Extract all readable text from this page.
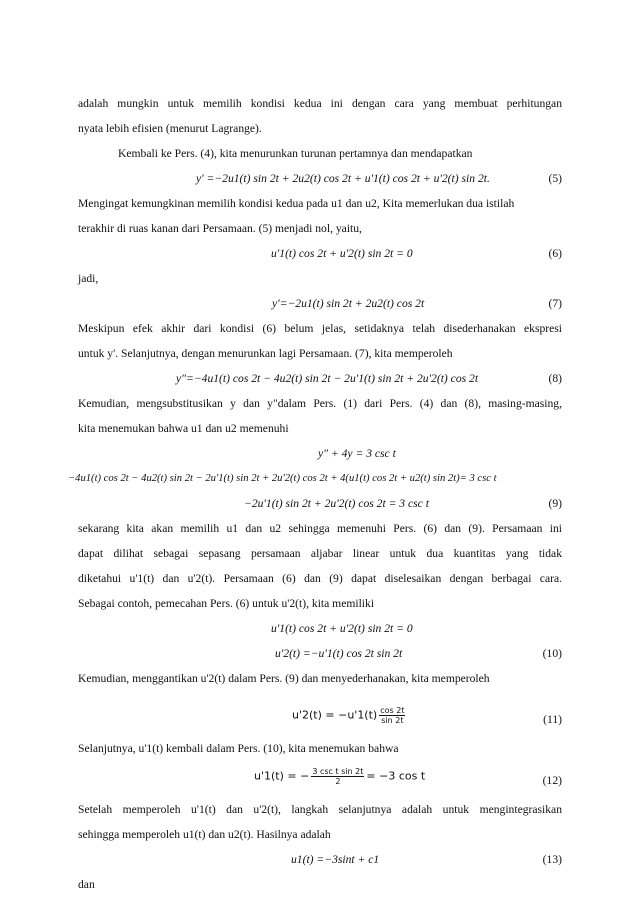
adalah mungkin untuk memilih kondisi kedua ini dengan cara yang membuat perhitungan
nyata lebih efisien (menurut Lagrange).
Kembali ke Pers. (4), kita menurunkan turunan pertamnya dan mendapatkan
y' =−2u1(t) sin 2t + 2u2(t) cos 2t + u'1(t) cos 2t + u'2(t) sin 2t.	(5)
Mengingat kemungkinan memilih kondisi kedua pada u1 dan u2, Kita memerlukan dua istilah
terakhir di ruas kanan dari Persamaan. (5) menjadi nol, yaitu,
u'1(t) cos 2t + u'2(t) sin 2t = 0	(6)
jadi,
y'=−2u1(t) sin 2t + 2u2(t) cos 2t	(7)
Meskipun efek akhir dari kondisi (6) belum jelas, setidaknya telah disederhanakan ekspresi
untuk y'. Selanjutnya, dengan menurunkan lagi Persamaan. (7), kita memperoleh
y"=−4u1(t) cos 2t − 4u2(t) sin 2t − 2u'1(t) sin 2t + 2u'2(t) cos 2t	(8)
Kemudian, mengsubstitusikan y dan y"dalam Pers. (1) dari Pers. (4) dan (8), masing-masing,
kita menemukan bahwa u1 dan u2 memenuhi
y" + 4y = 3 csc t
−4u1(t) cos 2t − 4u2(t) sin 2t − 2u'1(t) sin 2t + 2u'2(t) cos 2t + 4(u1(t) cos 2t + u2(t) sin 2t)= 3 csc t
−2u'1(t) sin 2t + 2u'2(t) cos 2t = 3 csc t	(9)
sekarang kita akan memilih u1 dan u2 sehingga memenuhi Pers. (6) dan (9). Persamaan ini
dapat dilihat sebagai sepasang persamaan aljabar linear untuk dua kuantitas yang tidak
diketahui u'1(t) dan u'2(t). Persamaan (6) dan (9) dapat diselesaikan dengan berbagai cara.
Sebagai contoh, pemecahan Pers. (6) untuk u'2(t), kita memiliki
u'1(t) cos 2t + u'2(t) sin 2t = 0
u'2(t) =−u'1(t) cos 2t sin 2t	(10)
Kemudian, menggantikan u'2(t) dalam Pers. (9) dan menyederhanakan, kita memperoleh
$u'2(t) = -u'1(t) \frac{\cos 2t}{\sin 2t}$	(11)
Selanjutnya, u'1(t) kembali dalam Pers. (10), kita menemukan bahwa
u'1(t) = − $\frac{\text{3 csc t sin 2t}}{2} = -3$ cos t	(12)
Setelah memperoleh u'1(t) dan u'2(t), langkah selanjutnya adalah untuk mengintegrasikan
sehingga memperoleh u1(t) dan u2(t). Hasilnya adalah
u1(t) =−3sint + c1	(13)
dan
